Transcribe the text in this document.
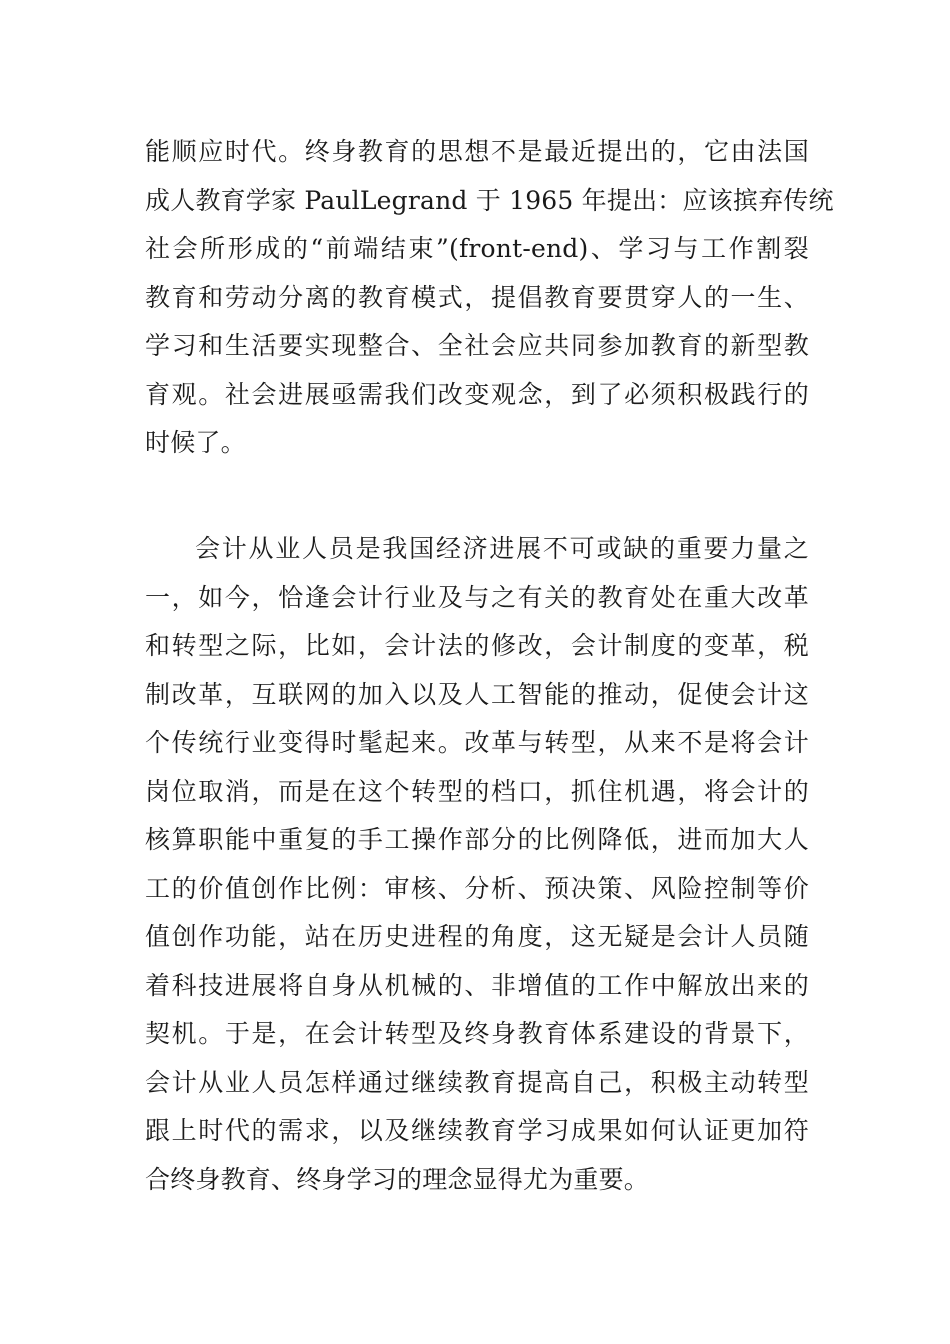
能顺应时代。终身教育的思想不是最近提出的，它由法国
成人教育学家 PaulLegrand 于 1965 年提出：应该摈弃传统
社会所形成的“前端结束”(front-end)、学习与工作割裂
教育和劳动分离的教育模式，提倡教育要贯穿人的一生、
学习和生活要实现整合、全社会应共同参加教育的新型教
育观。社会进展亟需我们改变观念，到了必须积极践行的
时候了。

会计从业人员是我国经济进展不可或缺的重要力量之
一，如今，恰逢会计行业及与之有关的教育处在重大改革
和转型之际，比如，会计法的修改，会计制度的变革，税
制改革，互联网的加入以及人工智能的推动，促使会计这
个传统行业变得时髦起来。改革与转型，从来不是将会计
岗位取消，而是在这个转型的档口，抓住机遇，将会计的
核算职能中重复的手工操作部分的比例降低，进而加大人
工的价值创作比例：审核、分析、预决策、风险控制等价
值创作功能，站在历史进程的角度，这无疑是会计人员随
着科技进展将自身从机械的、非增值的工作中解放出来的
契机。于是，在会计转型及终身教育体系建设的背景下，
会计从业人员怎样通过继续教育提高自己，积极主动转型
跟上时代的需求，以及继续教育学习成果如何认证更加符
合终身教育、终身学习的理念显得尤为重要。
